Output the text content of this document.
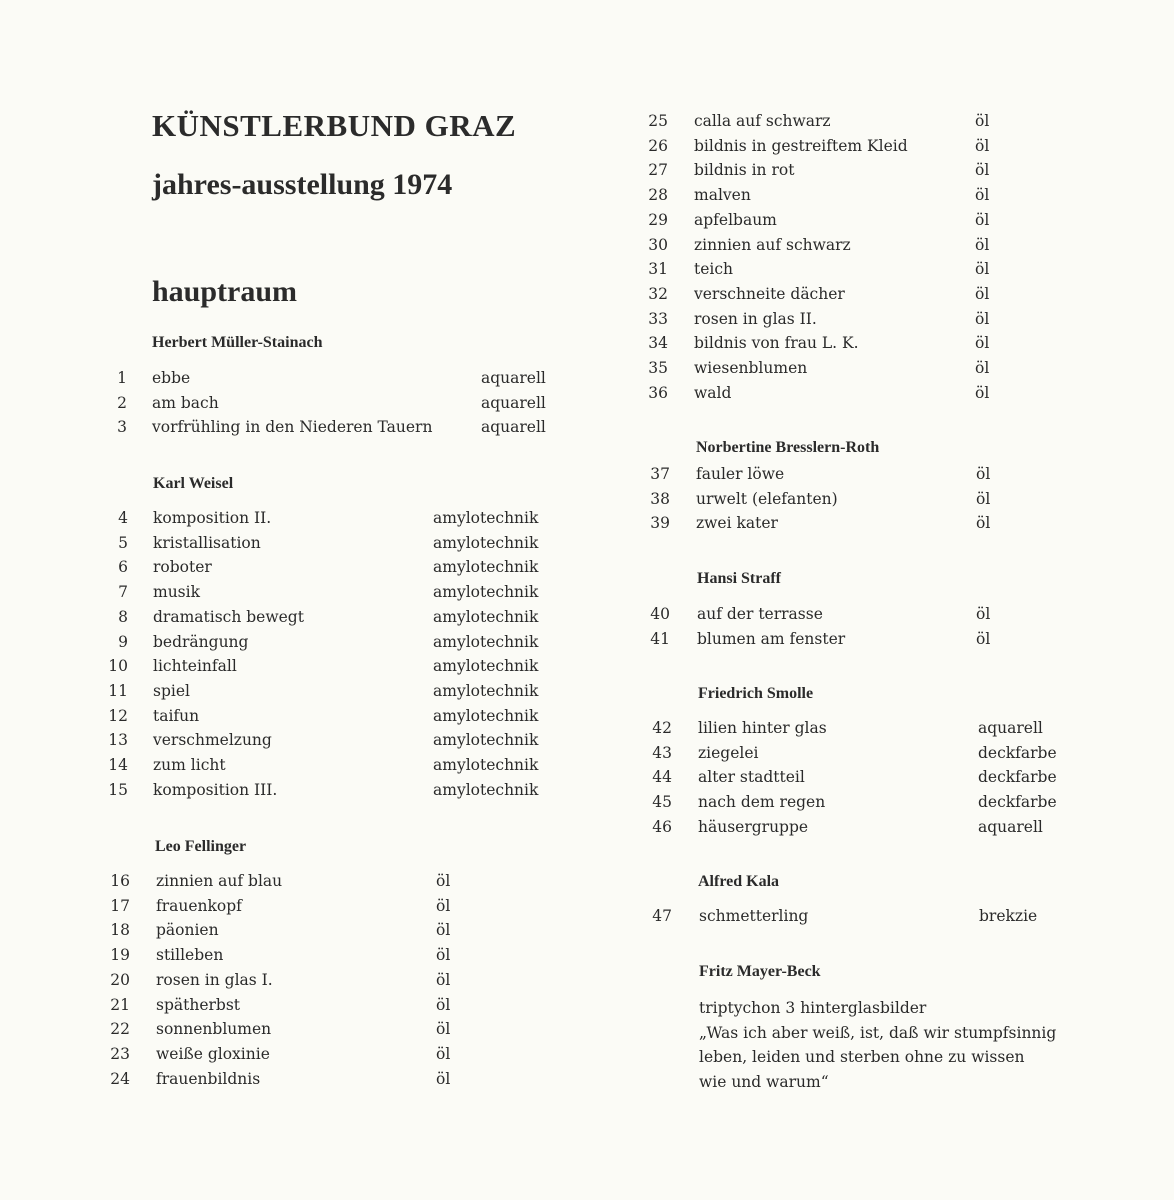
KÜNSTLERBUND GRAZ
jahres-ausstellung 1974
hauptraum
Herbert Müller-Stainach
1 ebbe	aquarell
2 am bach	aquarell
3 vorfrühling in den Niederen Tauern	aquarell
Karl Weisel
4 komposition II.	amylotechnik
5 kristallisation	amylotechnik
6 roboter	amylotechnik
7 musik	amylotechnik
8 dramatisch bewegt	amylotechnik
9 bedrängung	amylotechnik
10 lichteinfall	amylotechnik
11 spiel	amylotechnik
12 taifun	amylotechnik
13 verschmelzung	amylotechnik
14 zum licht	amylotechnik
15 komposition III.	amylotechnik
Leo Fellinger
16 zinnien auf blau	öl
17 frauenkopf	öl
18 päonien	öl
19 stilleben	öl
20 rosen in glas I.	öl
21 spätherbst	öl
22 sonnenblumen	öl
23 weiße gloxinie	öl
24 frauenbildnis	öl
25 calla auf schwarz	öl
26 bildnis in gestreiftem Kleid	öl
27 bildnis in rot	öl
28 malven	öl
29 apfelbaum	öl
30 zinnien auf schwarz	öl
31 teich	öl
32 verschneite dächer	öl
33 rosen in glas II.	öl
34 bildnis von frau L. K.	öl
35 wiesenblumen	öl
36 wald	öl
Norbertine Bresslern-Roth
37 fauler löwe	öl
38 urwelt (elefanten)	öl
39 zwei kater	öl
Hansi Straff
40 auf der terrasse	öl
41 blumen am fenster	öl
Friedrich Smolle
42 lilien hinter glas	aquarell
43 ziegelei	deckfarbe
44 alter stadtteil	deckfarbe
45 nach dem regen	deckfarbe
46 häusergruppe	aquarell
Alfred Kala
47 schmetterling	brekzie
Fritz Mayer-Beck
triptychon 3 hinterglasbilder
„Was ich aber weiß, ist, daß wir stumpfsinnig
leben, leiden und sterben ohne zu wissen
wie und warum“
